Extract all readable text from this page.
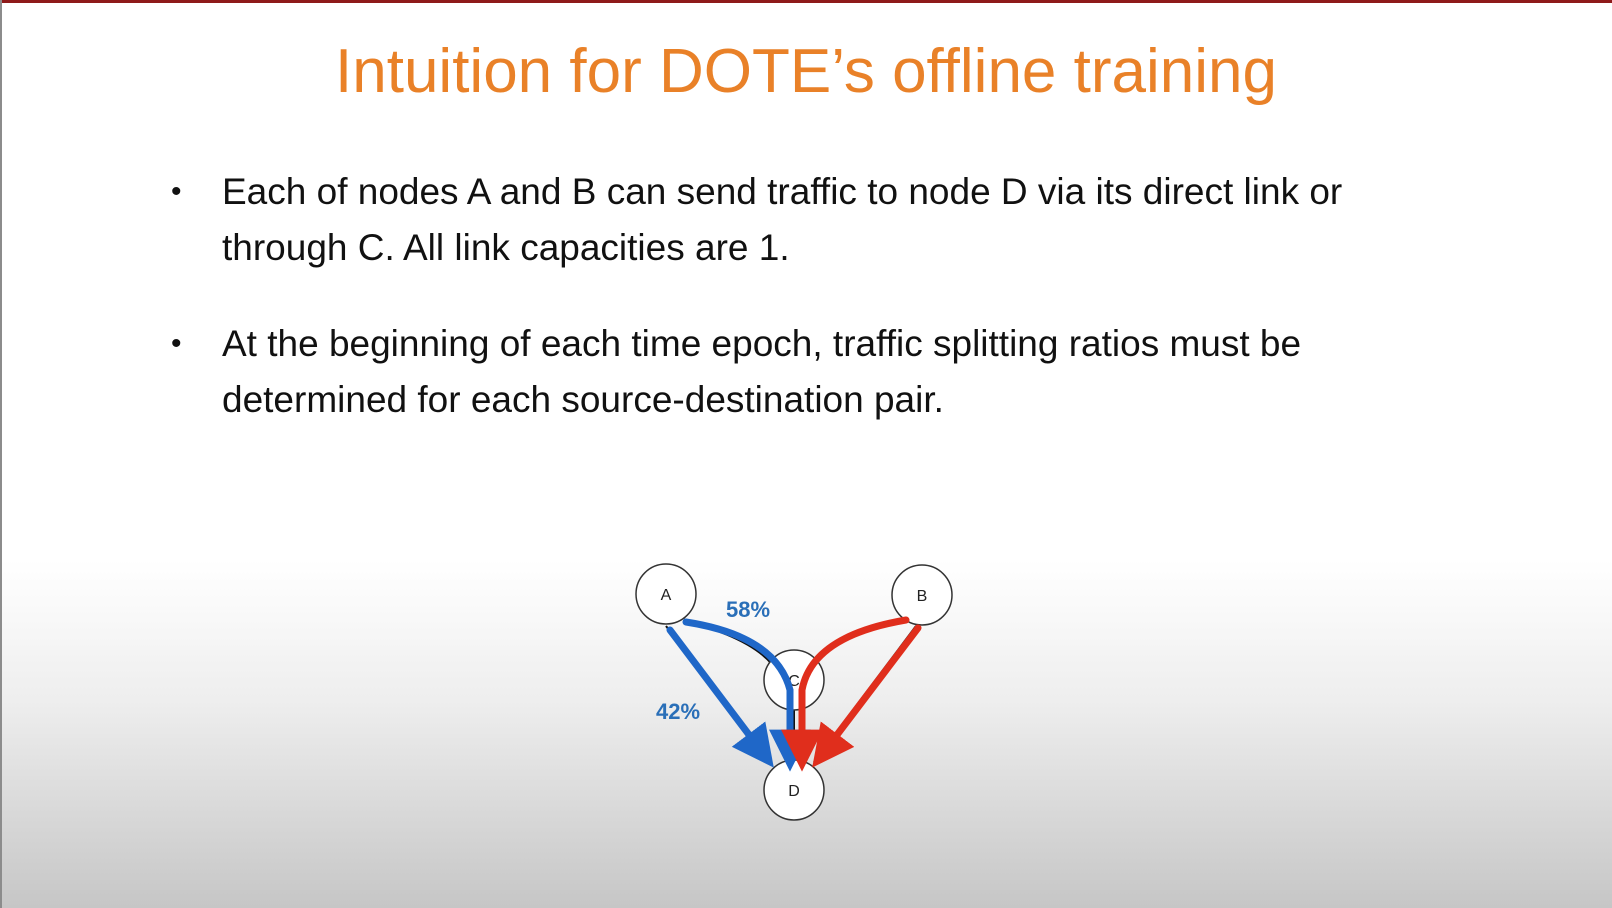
Intuition for DOTE’s offline training
• Each of nodes A and B can send traffic to node D via its direct link or through C. All link capacities are 1.
• At the beginning of each time epoch, traffic splitting ratios must be determined for each source-destination pair.
A	B
C
D
58%
42%
